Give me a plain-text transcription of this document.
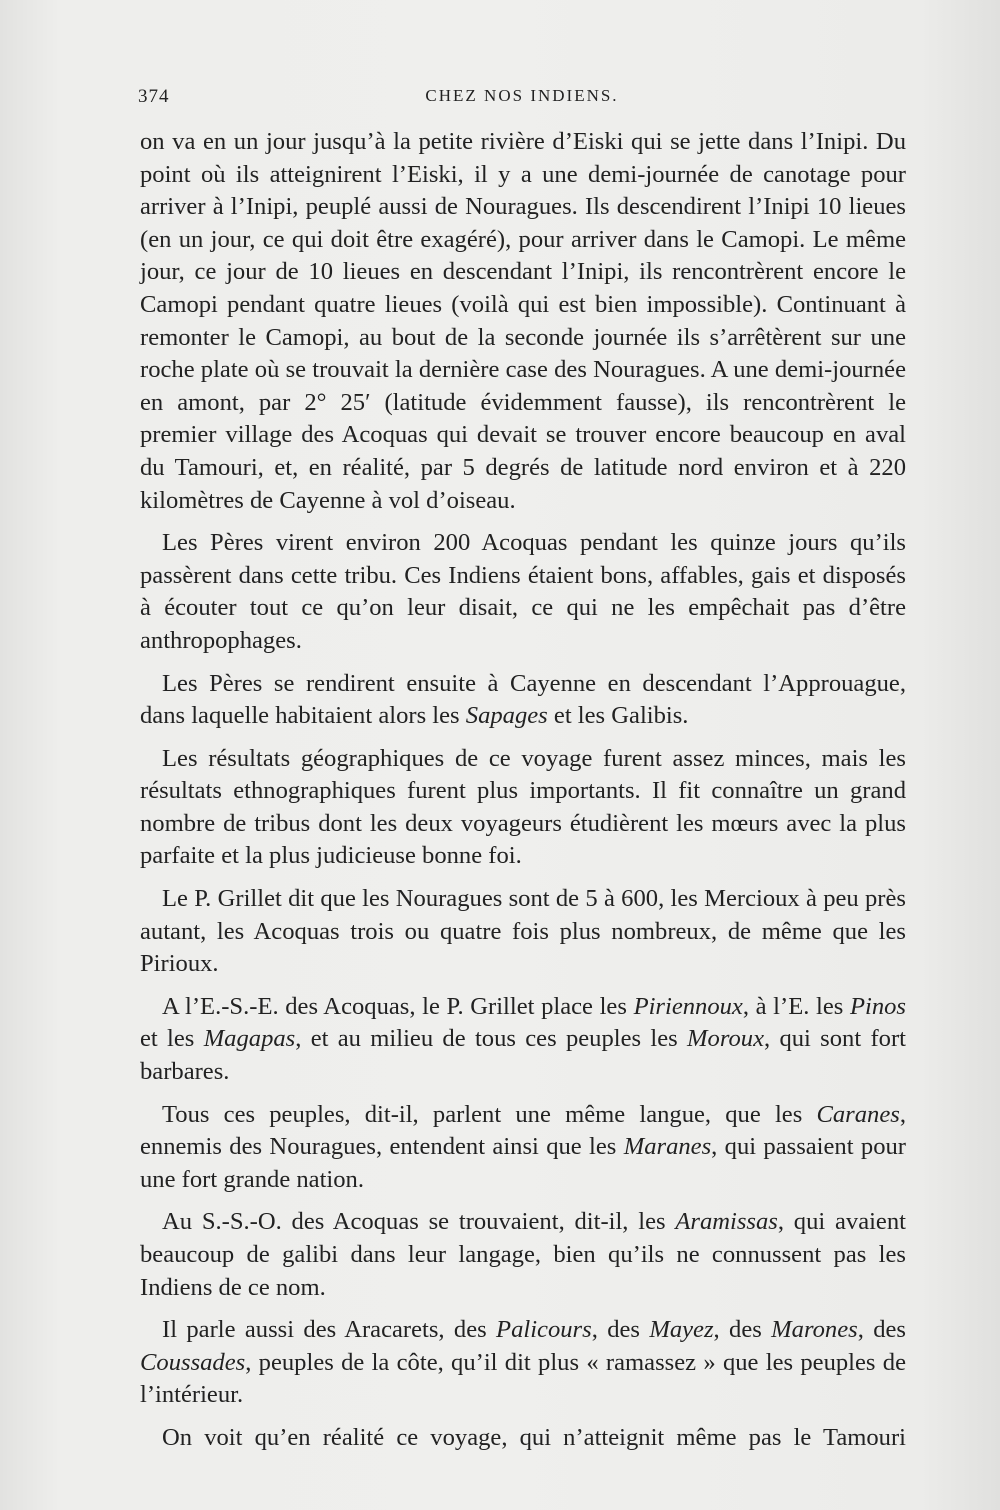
374	CHEZ NOS INDIENS.

on va en un jour jusqu’à la petite rivière d’Eiski qui se jette dans l’Inipi. Du point où ils atteignirent l’Eiski, il y a une demi-journée de canotage pour arriver à l’Inipi, peuplé aussi de Nouragues. Ils descendirent l’Inipi 10 lieues (en un jour, ce qui doit être exagéré), pour arriver dans le Camopi. Le même jour, ce jour de 10 lieues en descendant l’Inipi, ils rencontrèrent encore le Camopi pendant quatre lieues (voilà qui est bien impossible). Continuant à remonter le Camopi, au bout de la seconde journée ils s’arrêtèrent sur une roche plate où se trouvait la dernière case des Nouragues. A une demi-journée en amont, par 2° 25′ (latitude évidemment fausse), ils rencontrèrent le premier village des Acoquas qui devait se trouver encore beaucoup en aval du Tamouri, et, en réalité, par 5 degrés de latitude nord environ et à 220 kilomètres de Cayenne à vol d’oiseau.

Les Pères virent environ 200 Acoquas pendant les quinze jours qu’ils passèrent dans cette tribu. Ces Indiens étaient bons, affables, gais et disposés à écouter tout ce qu’on leur disait, ce qui ne les empêchait pas d’être anthropophages.

Les Pères se rendirent ensuite à Cayenne en descendant l’Approuague, dans laquelle habitaient alors les Sapages et les Galibis.

Les résultats géographiques de ce voyage furent assez minces, mais les résultats ethnographiques furent plus importants. Il fit connaître un grand nombre de tribus dont les deux voyageurs étudièrent les mœurs avec la plus parfaite et la plus judicieuse bonne foi.

Le P. Grillet dit que les Nouragues sont de 5 à 600, les Mercioux à peu près autant, les Acoquas trois ou quatre fois plus nombreux, de même que les Pirioux.

A l’E.-S.-E. des Acoquas, le P. Grillet place les Piriennoux, à l’E. les Pinos et les Magapas, et au milieu de tous ces peuples les Moroux, qui sont fort barbares.

Tous ces peuples, dit-il, parlent une même langue, que les Caranes, ennemis des Nouragues, entendent ainsi que les Maranes, qui passaient pour une fort grande nation.

Au S.-S.-O. des Acoquas se trouvaient, dit-il, les Aramissas, qui avaient beaucoup de galibi dans leur langage, bien qu’ils ne connussent pas les Indiens de ce nom.

Il parle aussi des Aracarets, des Palicours, des Mayez, des Marones, des Coussades, peuples de la côte, qu’il dit plus « ramassez » que les peuples de l’intérieur.

On voit qu’en réalité ce voyage, qui n’atteignit même pas le Tamouri
